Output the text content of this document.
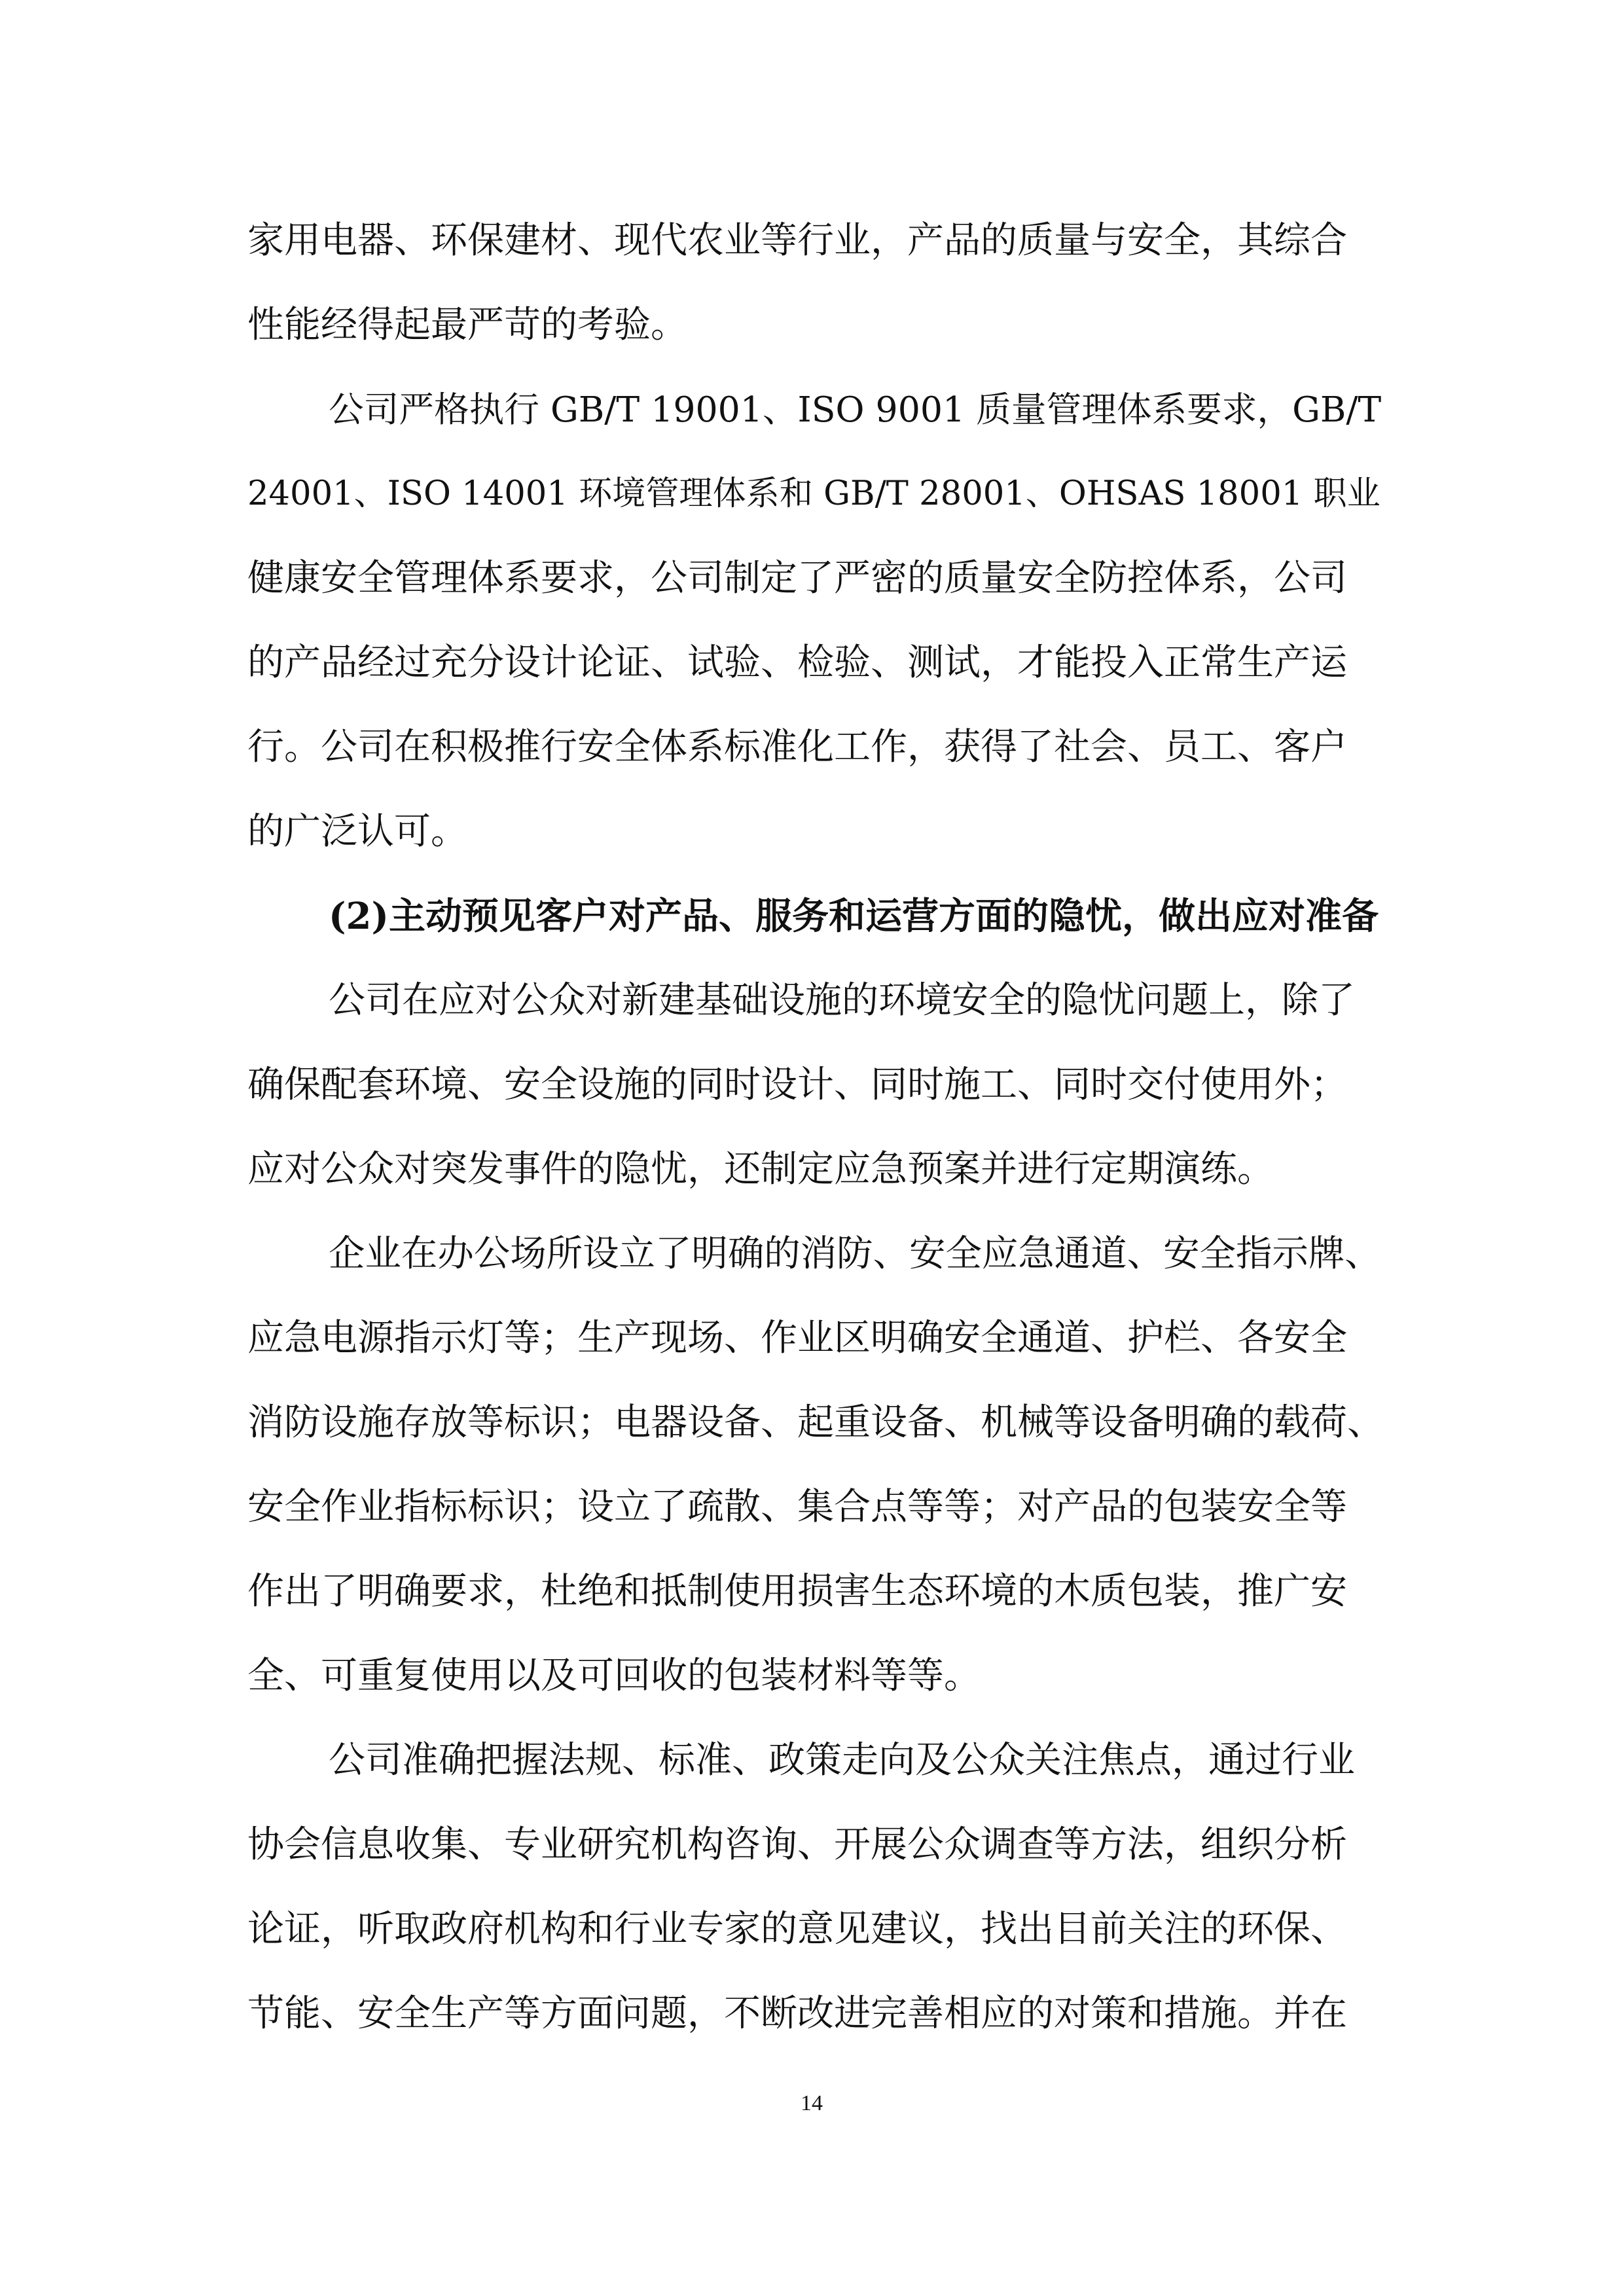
家用电器、环保建材、现代农业等行业，产品的质量与安全，其综合
性能经得起最严苛的考验。
公司严格执行 GB/T 19001、ISO 9001 质量管理体系要求，GB/T
24001、ISO 14001 环境管理体系和 GB/T 28001、OHSAS 18001 职业
健康安全管理体系要求，公司制定了严密的质量安全防控体系，公司
的产品经过充分设计论证、试验、检验、测试，才能投入正常生产运
行。公司在积极推行安全体系标准化工作，获得了社会、员工、客户
的广泛认可。
(2)主动预见客户对产品、服务和运营方面的隐忧，做出应对准备
公司在应对公众对新建基础设施的环境安全的隐忧问题上，除了
确保配套环境、安全设施的同时设计、同时施工、同时交付使用外；
应对公众对突发事件的隐忧，还制定应急预案并进行定期演练。
企业在办公场所设立了明确的消防、安全应急通道、安全指示牌、
应急电源指示灯等；生产现场、作业区明确安全通道、护栏、各安全
消防设施存放等标识；电器设备、起重设备、机械等设备明确的载荷、
安全作业指标标识；设立了疏散、集合点等等；对产品的包装安全等
作出了明确要求，杜绝和抵制使用损害生态环境的木质包装，推广安
全、可重复使用以及可回收的包装材料等等。
公司准确把握法规、标准、政策走向及公众关注焦点，通过行业
协会信息收集、专业研究机构咨询、开展公众调查等方法，组织分析
论证，听取政府机构和行业专家的意见建议，找出目前关注的环保、
节能、安全生产等方面问题，不断改进完善相应的对策和措施。并在
14
